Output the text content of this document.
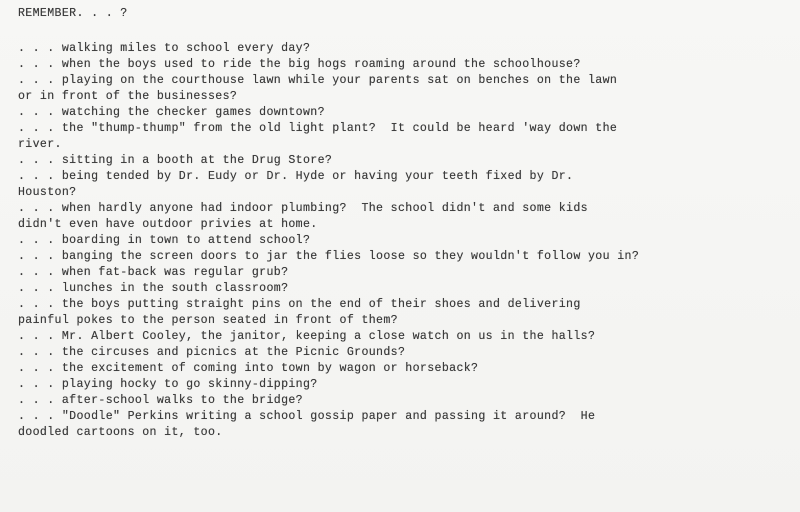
REMEMBER. . . ?

. . . walking miles to school every day?

. . . when the boys used to ride the big hogs roaming around the schoolhouse?

. . . playing on the courthouse lawn while your parents sat on benches on the lawn

or in front of the businesses?

. . . watching the checker games downtown?

. . . the "thump-thump" from the old light plant?  It could be heard 'way down the

river.

. . . sitting in a booth at the Drug Store?

. . . being tended by Dr. Eudy or Dr. Hyde or having your teeth fixed by Dr.

Houston?

. . . when hardly anyone had indoor plumbing?  The school didn't and some kids

didn't even have outdoor privies at home.

. . . boarding in town to attend school?

. . . banging the screen doors to jar the flies loose so they wouldn't follow you in?

. . . when fat-back was regular grub?

. . . lunches in the south classroom?

. . . the boys putting straight pins on the end of their shoes and delivering

painful pokes to the person seated in front of them?

. . . Mr. Albert Cooley, the janitor, keeping a close watch on us in the halls?

. . . the circuses and picnics at the Picnic Grounds?

. . . the excitement of coming into town by wagon or horseback?

. . . playing hocky to go skinny-dipping?

. . . after-school walks to the bridge?

. . . "Doodle" Perkins writing a school gossip paper and passing it around?  He

doodled cartoons on it, too.
